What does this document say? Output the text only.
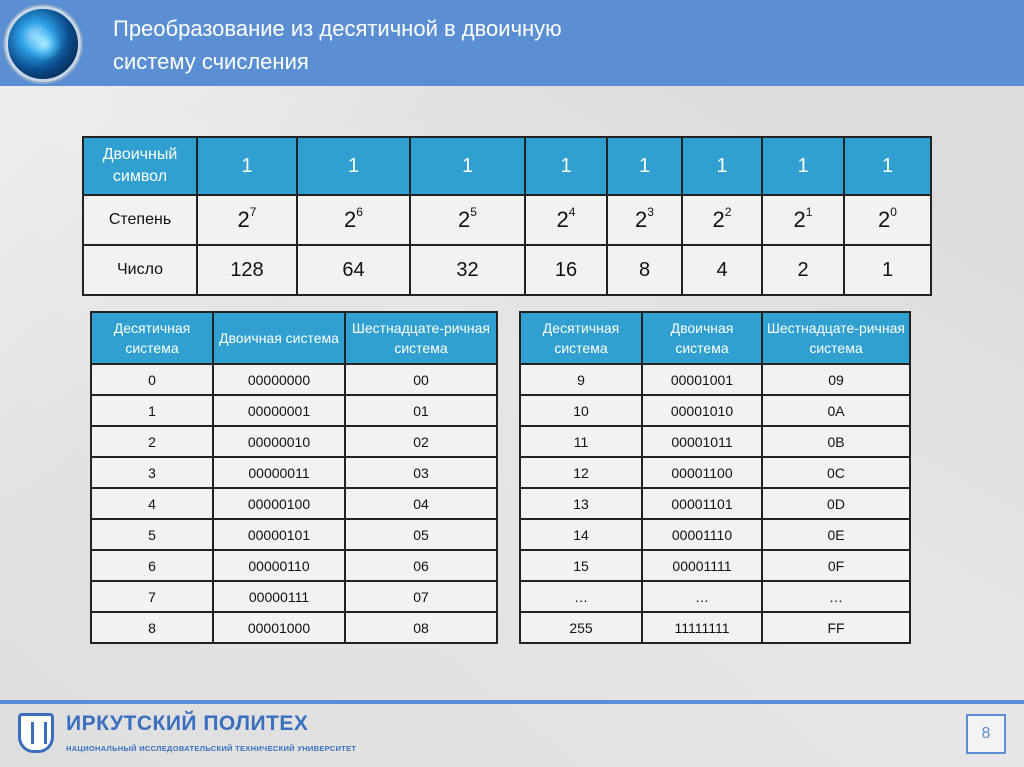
Преобразование из десятичной в двоичную
систему счисления
Двоичный символ	1	1	1	1	1	1	1	1
Степень	$2^7$	$2^6$	$2^5$	$2^4$	$2^3$	$2^2$	$2^1$	$2^0$
Число	128	64	32	16	8	4	2	1
Десятичная система	Двоичная система	Шестнадцате-ричная система
0	00000000	00
1	00000001	01
2	00000010	02
3	00000011	03
4	00000100	04
5	00000101	05
6	00000110	06
7	00000111	07
8	00001000	08
Десятичная система	Двоичная система	Шестнадцате-ричная система
9	00001001	09
10	00001010	0A
11	00001011	0B
12	00001100	0C
13	00001101	0D
14	00001110	0E
15	00001111	0F
…	…	…
255	11111111	FF
ИРКУТСКИЙ ПОЛИТЕХ
НАЦИОНАЛЬНЫЙ ИССЛЕДОВАТЕЛЬСКИЙ ТЕХНИЧЕСКИЙ УНИВЕРСИТЕТ
8
